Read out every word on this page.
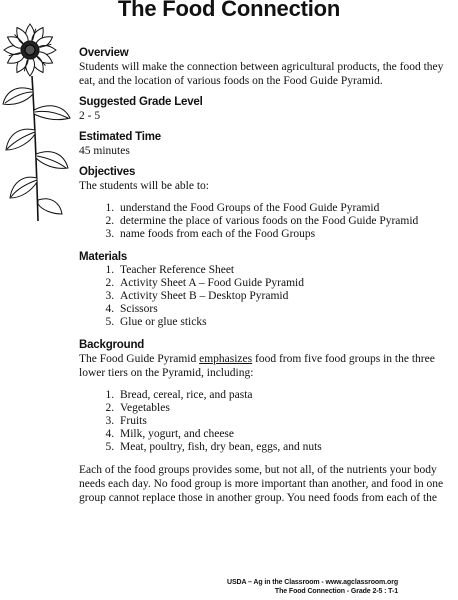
The Food Connection
Overview

Students will make the connection between agricultural products, the food they eat, and the location of various foods on the Food Guide Pyramid.

Suggested Grade Level

2 - 5

Estimated Time

45 minutes

Objectives

The students will be able to:

1. understand the Food Groups of the Food Guide Pyramid
2. determine the place of various foods on the Food Guide Pyramid
3. name foods from each of the Food Groups
Materials
1. Teacher Reference Sheet
2. Activity Sheet A – Food Guide Pyramid
3. Activity Sheet B – Desktop Pyramid
4. Scissors
5. Glue or glue sticks
Background

The Food Guide Pyramid emphasizes food from five food groups in the three lower tiers on the Pyramid, including:

1. Bread, cereal, rice, and pasta
2. Vegetables
3. Fruits
4. Milk, yogurt, and cheese
5. Meat, poultry, fish, dry bean, eggs, and nuts

Each of the food groups provides some, but not all, of the nutrients your body needs each day. No food group is more important than another, and food in one group cannot replace those in another group. You need foods from each of the

USDA – Ag in the Classroom - www.agclassroom.org
The Food Connection - Grade 2-5 : T-1
